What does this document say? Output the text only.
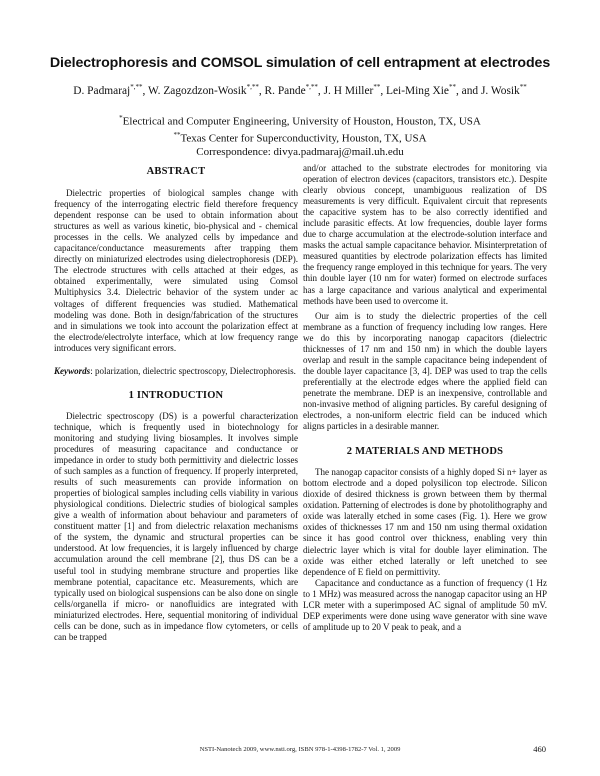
Dielectrophoresis and COMSOL simulation of cell entrapment at electrodes
D. Padmaraj*,**, W. Zagozdzon-Wosik*,**, R. Pande*,**, J. H Miller**, Lei-Ming Xie**, and J. Wosik**
*Electrical and Computer Engineering, University of Houston, Houston, TX, USA
**Texas Center for Superconductivity, Houston, TX, USA
Correspondence: divya.padmaraj@mail.uh.edu
ABSTRACT

Dielectric properties of biological samples change with frequency of the interrogating electric field therefore frequency dependent response can be used to obtain information about structures as well as various kinetic, bio-physical and - chemical processes in the cells. We analyzed cells by impedance and capacitance/conductance measurements after trapping them directly on miniaturized electrodes using dielectrophoresis (DEP). The electrode structures with cells attached at their edges, as obtained experimentally, were simulated using Comsol Multiphysics 3.4. Dielectric behavior of the system under ac voltages of different frequencies was studied. Mathematical modeling was done. Both in design/fabrication of the structures and in simulations we took into account the polarization effect at the electrode/electrolyte interface, which at low frequency range introduces very significant errors.

Keywords: polarization, dielectric spectroscopy, Dielectrophoresis.

1 INTRODUCTION

Dielectric spectroscopy (DS) is a powerful characterization technique, which is frequently used in biotechnology for monitoring and studying living biosamples. It involves simple procedures of measuring capacitance and conductance or impedance in order to study both permittivity and dielectric losses of such samples as a function of frequency. If properly interpreted, results of such measurements can provide information on properties of biological samples including cells viability in various physiological conditions. Dielectric studies of biological samples give a wealth of information about behaviour and parameters of constituent matter [1] and from dielectric relaxation mechanisms of the system, the dynamic and structural properties can be understood. At low frequencies, it is largely influenced by charge accumulation around the cell membrane [2], thus DS can be a useful tool in studying membrane structure and properties like membrane potential, capacitance etc. Measurements, which are typically used on biological suspensions can be also done on single cells/organella if micro- or nanofluidics are integrated with miniaturized electrodes. Here, sequential monitoring of individual cells can be done, such as in impedance flow cytometers, or cells can be trapped

and/or attached to the substrate electrodes for monitoring via operation of electron devices (capacitors, transistors etc.). Despite clearly obvious concept, unambiguous realization of DS measurements is very difficult. Equivalent circuit that represents the capacitive system has to be also correctly identified and include parasitic effects. At low frequencies, double layer forms due to charge accumulation at the electrode-solution interface and masks the actual sample capacitance behavior. Misinterpretation of measured quantities by electrode polarization effects has limited the frequency range employed in this technique for years. The very thin double layer (10 nm for water) formed on electrode surfaces has a large capacitance and various analytical and experimental methods have been used to overcome it.

Our aim is to study the dielectric properties of the cell membrane as a function of frequency including low ranges. Here we do this by incorporating nanogap capacitors (dielectric thicknesses of 17 nm and 150 nm) in which the double layers overlap and result in the sample capacitance being independent of the double layer capacitance [3, 4]. DEP was used to trap the cells preferentially at the electrode edges where the applied field can penetrate the membrane. DEP is an inexpensive, controllable and non-invasive method of aligning particles. By careful designing of electrodes, a non-uniform electric field can be induced which aligns particles in a desirable manner.

2 MATERIALS AND METHODS

The nanogap capacitor consists of a highly doped Si n+ layer as bottom electrode and a doped polysilicon top electrode. Silicon dioxide of desired thickness is grown between them by thermal oxidation. Patterning of electrodes is done by photolithography and oxide was laterally etched in some cases (Fig. 1). Here we grow oxides of thicknesses 17 nm and 150 nm using thermal oxidation since it has good control over thickness, enabling very thin dielectric layer which is vital for double layer elimination. The oxide was either etched laterally or left unetched to see dependence of E field on permittivity.

Capacitance and conductance as a function of frequency (1 Hz to 1 MHz) was measured across the nanogap capacitor using an HP LCR meter with a superimposed AC signal of amplitude 50 mV. DEP experiments were done using wave generator with sine wave of amplitude up to 20 V peak to peak, and a

NSTI-Nanotech 2009, www.nsti.org, ISBN 978-1-4398-1782-7 Vol. 1, 2009	460
